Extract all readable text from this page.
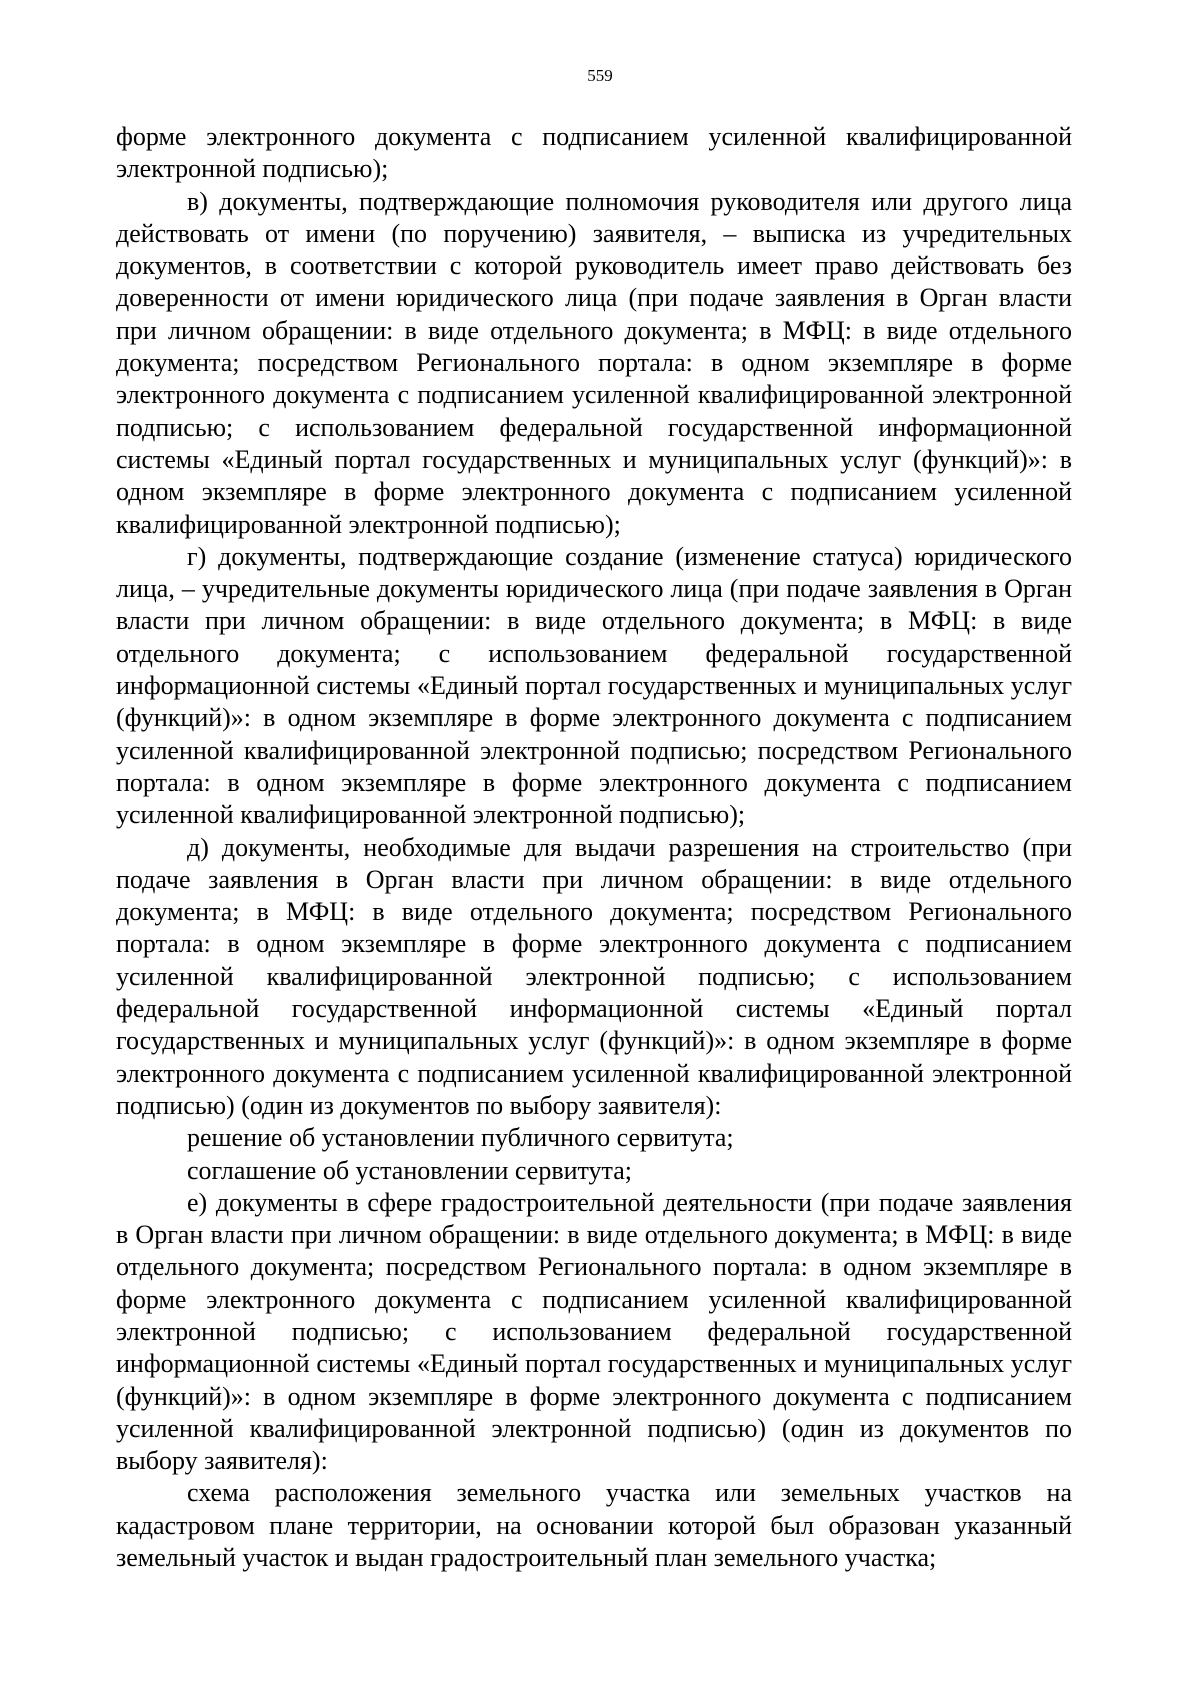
559

форме электронного документа с подписанием усиленной квалифицированной электронной подписью);

в) документы, подтверждающие полномочия руководителя или другого лица действовать от имени (по поручению) заявителя, – выписка из учредительных документов, в соответствии с которой руководитель имеет право действовать без доверенности от имени юридического лица (при подаче заявления в Орган власти при личном обращении: в виде отдельного документа; в МФЦ: в виде отдельного документа; посредством Регионального портала: в одном экземпляре в форме электронного документа с подписанием усиленной квалифицированной электронной подписью; с использованием федеральной государственной информационной системы «Единый портал государственных и муниципальных услуг (функций)»: в одном экземпляре в форме электронного документа с подписанием усиленной квалифицированной электронной подписью);

г) документы, подтверждающие создание (изменение статуса) юридического лица, – учредительные документы юридического лица (при подаче заявления в Орган власти при личном обращении: в виде отдельного документа; в МФЦ: в виде отдельного документа; с использованием федеральной государственной информационной системы «Единый портал государственных и муниципальных услуг (функций)»: в одном экземпляре в форме электронного документа с подписанием усиленной квалифицированной электронной подписью; посредством Регионального портала: в одном экземпляре в форме электронного документа с подписанием усиленной квалифицированной электронной подписью);

д) документы, необходимые для выдачи разрешения на строительство (при подаче заявления в Орган власти при личном обращении: в виде отдельного документа; в МФЦ: в виде отдельного документа; посредством Регионального портала: в одном экземпляре в форме электронного документа с подписанием усиленной квалифицированной электронной подписью; с использованием федеральной государственной информационной системы «Единый портал государственных и муниципальных услуг (функций)»: в одном экземпляре в форме электронного документа с подписанием усиленной квалифицированной электронной подписью) (один из документов по выбору заявителя):

решение об установлении публичного сервитута;

соглашение об установлении сервитута;

е) документы в сфере градостроительной деятельности (при подаче заявления в Орган власти при личном обращении: в виде отдельного документа; в МФЦ: в виде отдельного документа; посредством Регионального портала: в одном экземпляре в форме электронного документа с подписанием усиленной квалифицированной электронной подписью; с использованием федеральной государственной информационной системы «Единый портал государственных и муниципальных услуг (функций)»: в одном экземпляре в форме электронного документа с подписанием усиленной квалифицированной электронной подписью) (один из документов по выбору заявителя):

схема расположения земельного участка или земельных участков на кадастровом плане территории, на основании которой был образован указанный земельный участок и выдан градостроительный план земельного участка;
